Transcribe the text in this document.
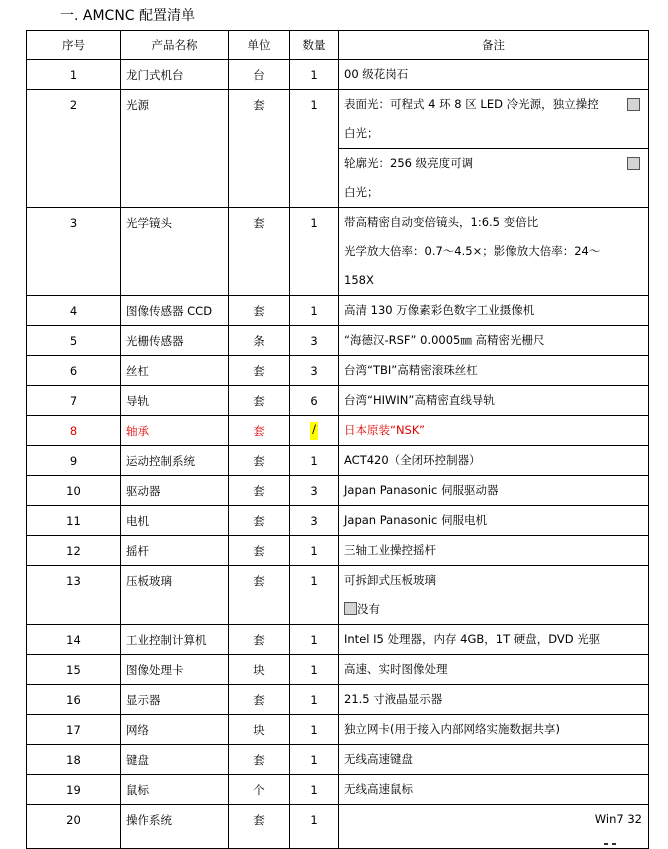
一. AMCNC 配置清单
序号	产品名称	单位	数量	备注

1	龙门式机台	台	1	00 级花岗石

2	光源	套	1	表面光：可程式 4 环 8 区 LED 冷光源，独立操控
白光；

				轮廓光：256 级亮度可调
白光；

3	光学镜头	套	1	带高精密自动变倍镜头，1:6.5 变倍比
光学放大倍率：0.7～4.5×；影像放大倍率：24～
158X

4	图像传感器 CCD	套	1	高清 130 万像素彩色数字工业摄像机

5	光栅传感器	条	3	“海德汉-RSF” 0.0005㎜ 高精密光栅尺

6	丝杠	套	3	台湾“TBI”高精密滚珠丝杠

7	导轨	套	6	台湾“HIWIN”高精密直线导轨

8	轴承	套	/	日本原装“NSK”

9	运动控制系统	套	1	ACT420（全闭环控制器）

10	驱动器	套	3	Japan Panasonic 伺服驱动器

11	电机	套	3	Japan Panasonic 伺服电机

12	摇杆	套	1	三轴工业操控摇杆

13	压板玻璃	套	1	可拆卸式压板玻璃
没有

14	工业控制计算机	套	1	Intel I5 处理器，内存 4GB，1T 硬盘，DVD 光驱

15	图像处理卡	块	1	高速、实时图像处理

16	显示器	套	1	21.5 寸液晶显示器

17	网络	块	1	独立网卡(用于接入内部网络实施数据共享)

18	键盘	套	1	无线高速键盘

19	鼠标	个	1	无线高速鼠标

20	操作系统	套	1	Win7 32
